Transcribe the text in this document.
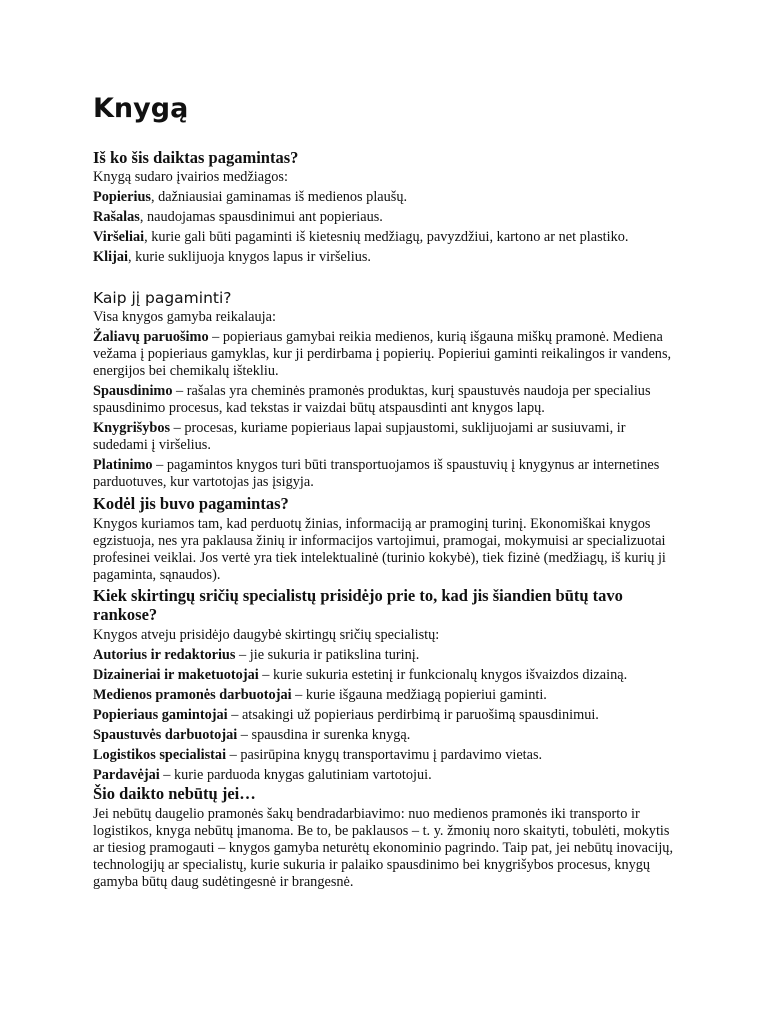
Knygą
Iš ko šis daiktas pagamintas?

Knygą sudaro įvairios medžiagos:

Popierius, dažniausiai gaminamas iš medienos plaušų.

Rašalas, naudojamas spausdinimui ant popieriaus.

Viršeliai, kurie gali būti pagaminti iš kietesnių medžiagų, pavyzdžiui, kartono ar net plastiko.

Klijai, kurie suklijuoja knygos lapus ir viršelius.

Kaip jį pagaminti?

Visa knygos gamyba reikalauja:

Žaliavų paruošimo – popieriaus gamybai reikia medienos, kurią išgauna miškų pramonė. Mediena vežama į popieriaus gamyklas, kur ji perdirbama į popierių. Popieriui gaminti reikalingos ir vandens, energijos bei chemikalų ištekliu.

Spausdinimo – rašalas yra cheminės pramonės produktas, kurį spaustuvės naudoja per specialius spausdinimo procesus, kad tekstas ir vaizdai būtų atspausdinti ant knygos lapų.

Knygrišybos – procesas, kuriame popieriaus lapai supjaustomi, suklijuojami ar susiuvami, ir sudedami į viršelius.

Platinimo – pagamintos knygos turi būti transportuojamos iš spaustuvių į knygynus ar internetines parduotuves, kur vartotojas jas įsigyja.

Kodėl jis buvo pagamintas?

Knygos kuriamos tam, kad perduotų žinias, informaciją ar pramoginį turinį. Ekonomiškai knygos egzistuoja, nes yra paklausa žinių ir informacijos vartojimui, pramogai, mokymuisi ar specializuotai profesinei veiklai. Jos vertė yra tiek intelektualinė (turinio kokybė), tiek fizinė (medžiagų, iš kurių ji pagaminta, sąnaudos).

Kiek skirtingų sričių specialistų prisidėjo prie to, kad jis šiandien būtų tavo rankose?

Knygos atveju prisidėjo daugybė skirtingų sričių specialistų:

Autorius ir redaktorius – jie sukuria ir patikslina turinį.

Dizaineriai ir maketuotojai – kurie sukuria estetinį ir funkcionalų knygos išvaizdos dizainą.

Medienos pramonės darbuotojai – kurie išgauna medžiagą popieriui gaminti.

Popieriaus gamintojai – atsakingi už popieriaus perdirbimą ir paruošimą spausdinimui.

Spaustuvės darbuotojai – spausdina ir surenka knygą.

Logistikos specialistai – pasirūpina knygų transportavimu į pardavimo vietas.

Pardavėjai – kurie parduoda knygas galutiniam vartotojui.

Šio daikto nebūtų jei…

Jei nebūtų daugelio pramonės šakų bendradarbiavimo: nuo medienos pramonės iki transporto ir logistikos, knyga nebūtų įmanoma. Be to, be paklausos – t. y. žmonių noro skaityti, tobulėti, mokytis ar tiesiog pramogauti – knygos gamyba neturėtų ekonominio pagrindo. Taip pat, jei nebūtų inovacijų, technologijų ar specialistų, kurie sukuria ir palaiko spausdinimo bei knygrišybos procesus, knygų gamyba būtų daug sudėtingesnė ir brangesnė.
